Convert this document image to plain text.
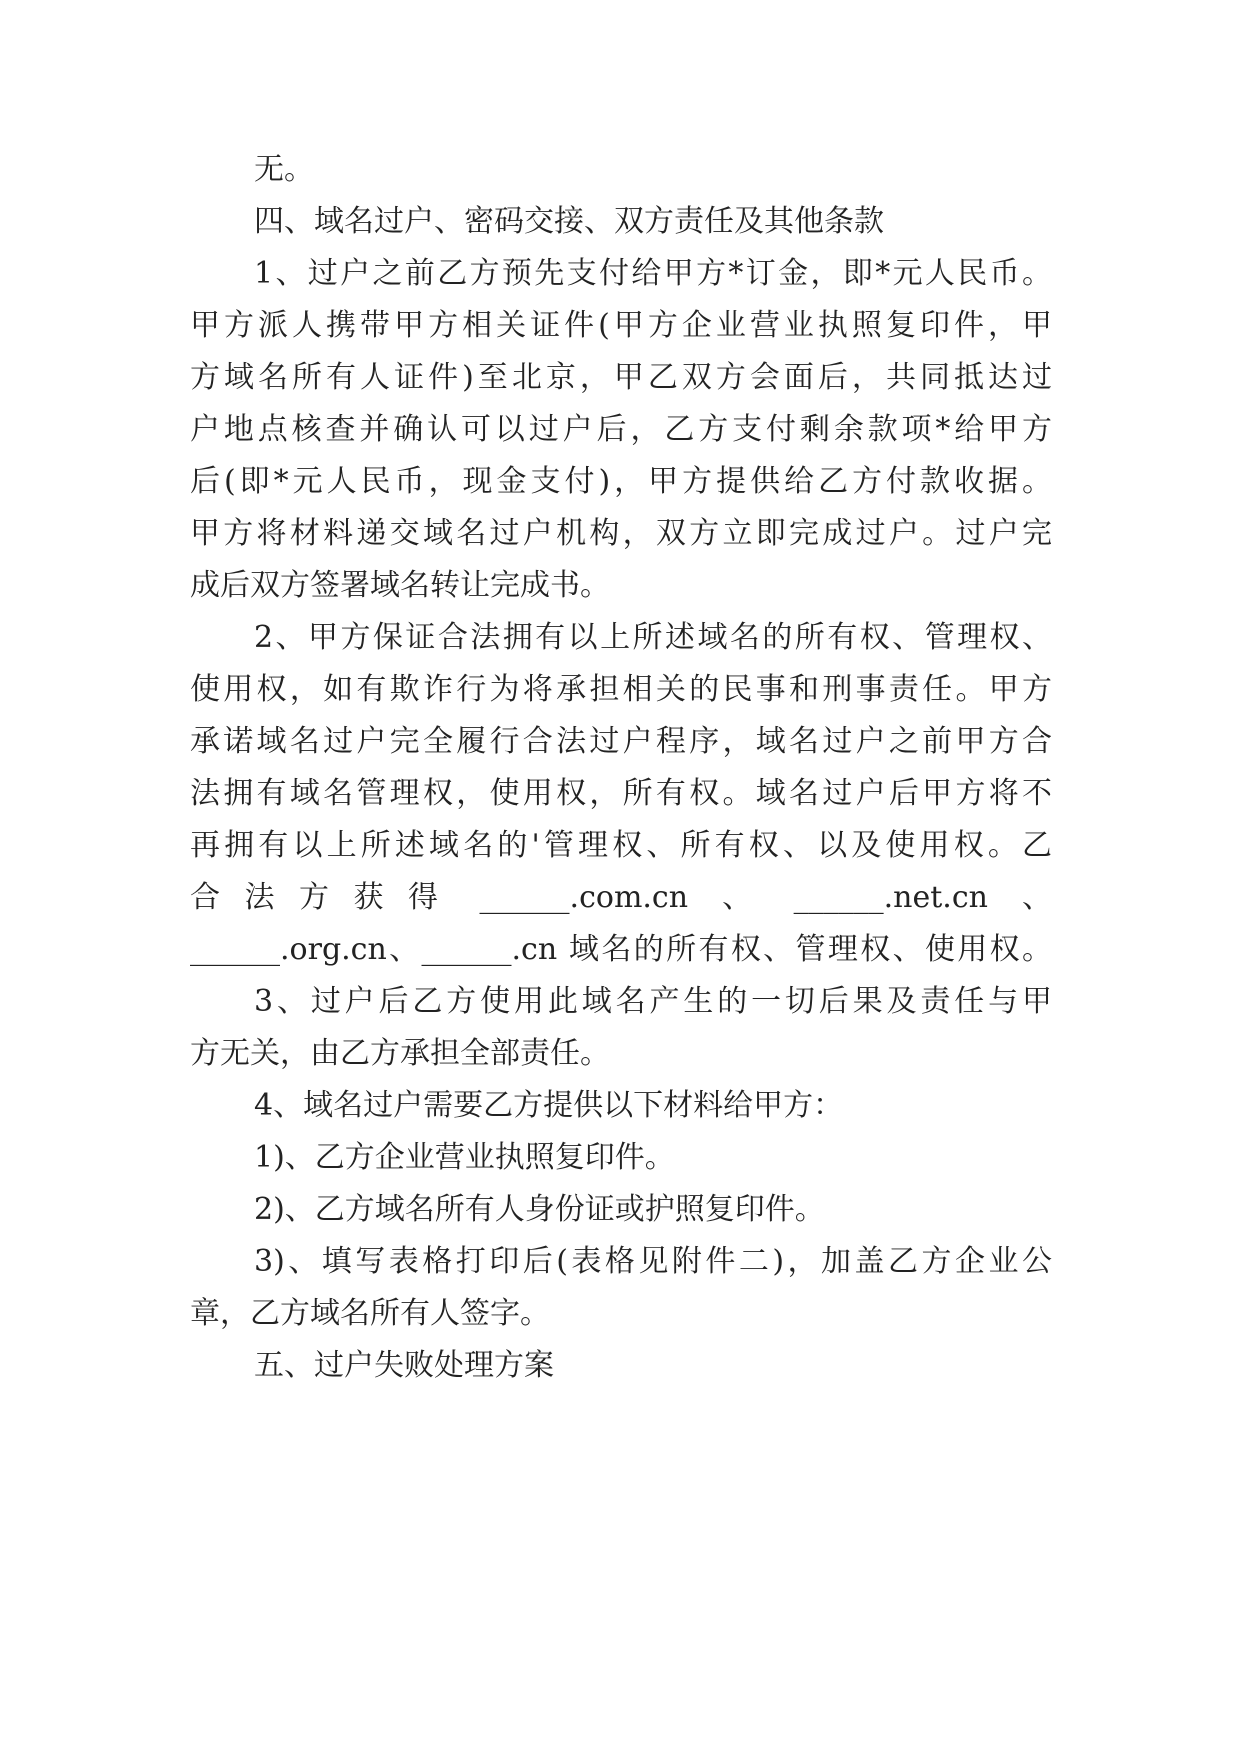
无。
四、域名过户、密码交接、双方责任及其他条款
1、过户之前乙方预先支付给甲方*订金，即*元人民币。
甲方派人携带甲方相关证件(甲方企业营业执照复印件，甲
方域名所有人证件)至北京，甲乙双方会面后，共同抵达过
户地点核查并确认可以过户后，乙方支付剩余款项*给甲方
后(即*元人民币，现金支付)，甲方提供给乙方付款收据。
甲方将材料递交域名过户机构，双方立即完成过户。过户完
成后双方签署域名转让完成书。
2、甲方保证合法拥有以上所述域名的所有权、管理权、
使用权，如有欺诈行为将承担相关的民事和刑事责任。甲方
承诺域名过户完全履行合法过户程序，域名过户之前甲方合
法拥有域名管理权，使用权，所有权。域名过户后甲方将不
再拥有以上所述域名的'管理权、所有权、以及使用权。乙
合 法 方 获 得  ______.com.cn  、  ______.net.cn  、
______.org.cn、______.cn 域名的所有权、管理权、使用权。
3、过户后乙方使用此域名产生的一切后果及责任与甲
方无关，由乙方承担全部责任。
4、域名过户需要乙方提供以下材料给甲方：
1)、乙方企业营业执照复印件。
2)、乙方域名所有人身份证或护照复印件。
3)、填写表格打印后(表格见附件二)，加盖乙方企业公
章，乙方域名所有人签字。
五、过户失败处理方案
